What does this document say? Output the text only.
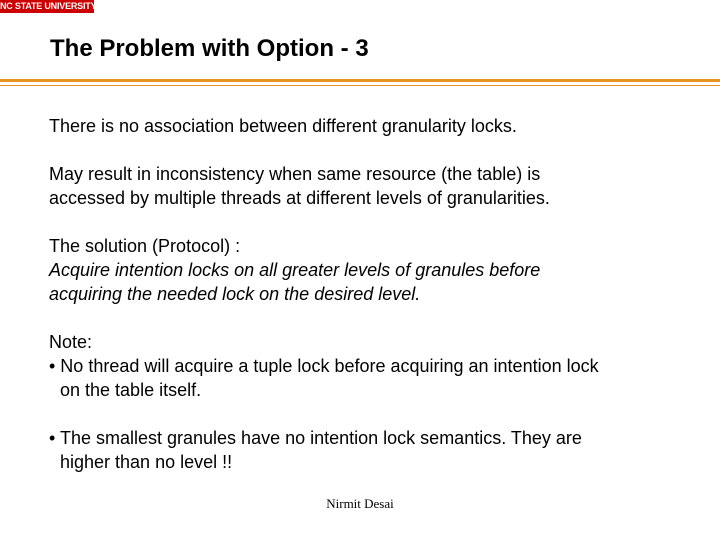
NC STATE UNIVERSITY
The Problem with Option - 3

There is no association between different granularity locks.

May result in inconsistency when same resource (the table) is

accessed by multiple threads at different levels of granularities.

The solution (Protocol) :

Acquire intention locks on all greater levels of granules before

acquiring the needed lock on the desired level.

Note:

• No thread will acquire a tuple lock before acquiring an intention lock

on the table itself.

• The smallest granules have no intention lock semantics. They are

higher than no level !!

Nirmit Desai
